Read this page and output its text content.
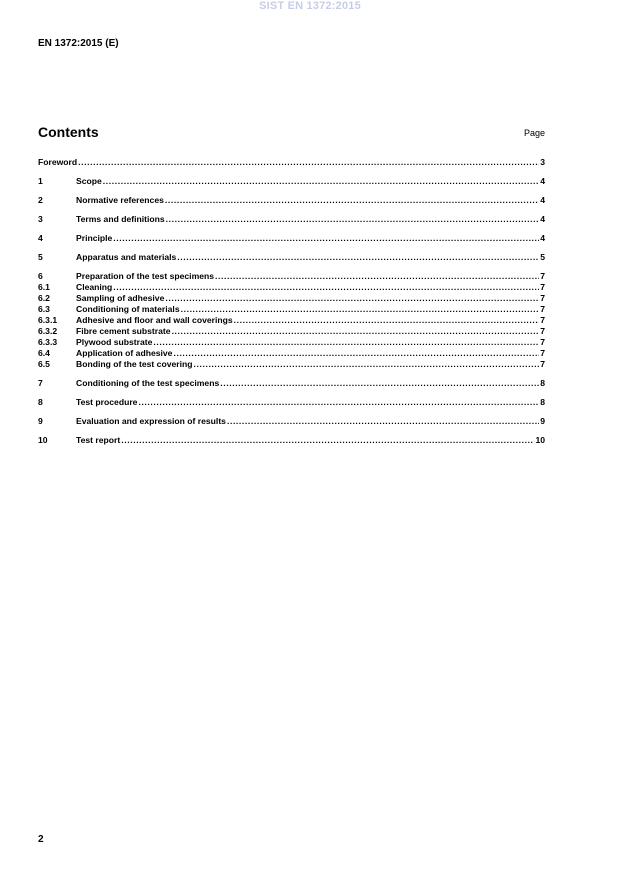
SIST EN 1372:2015
EN 1372:2015 (E)
Contents	Page
Foreword .....	3
1	Scope .....	4
2	Normative references .....	4
3	Terms and definitions .....	4
4	Principle .....	4
5	Apparatus and materials .....	5
6	Preparation of the test specimens .....	7
6.1	Cleaning .....	7
6.2	Sampling of adhesive .....	7
6.3	Conditioning of materials .....	7
6.3.1	Adhesive and floor and wall coverings .....	7
6.3.2	Fibre cement substrate .....	7
6.3.3	Plywood substrate .....	7
6.4	Application of adhesive .....	7
6.5	Bonding of the test covering .....	7
7	Conditioning of the test specimens .....	8
8	Test procedure .....	8
9	Evaluation and expression of results .....	9
10	Test report .....	10
2
